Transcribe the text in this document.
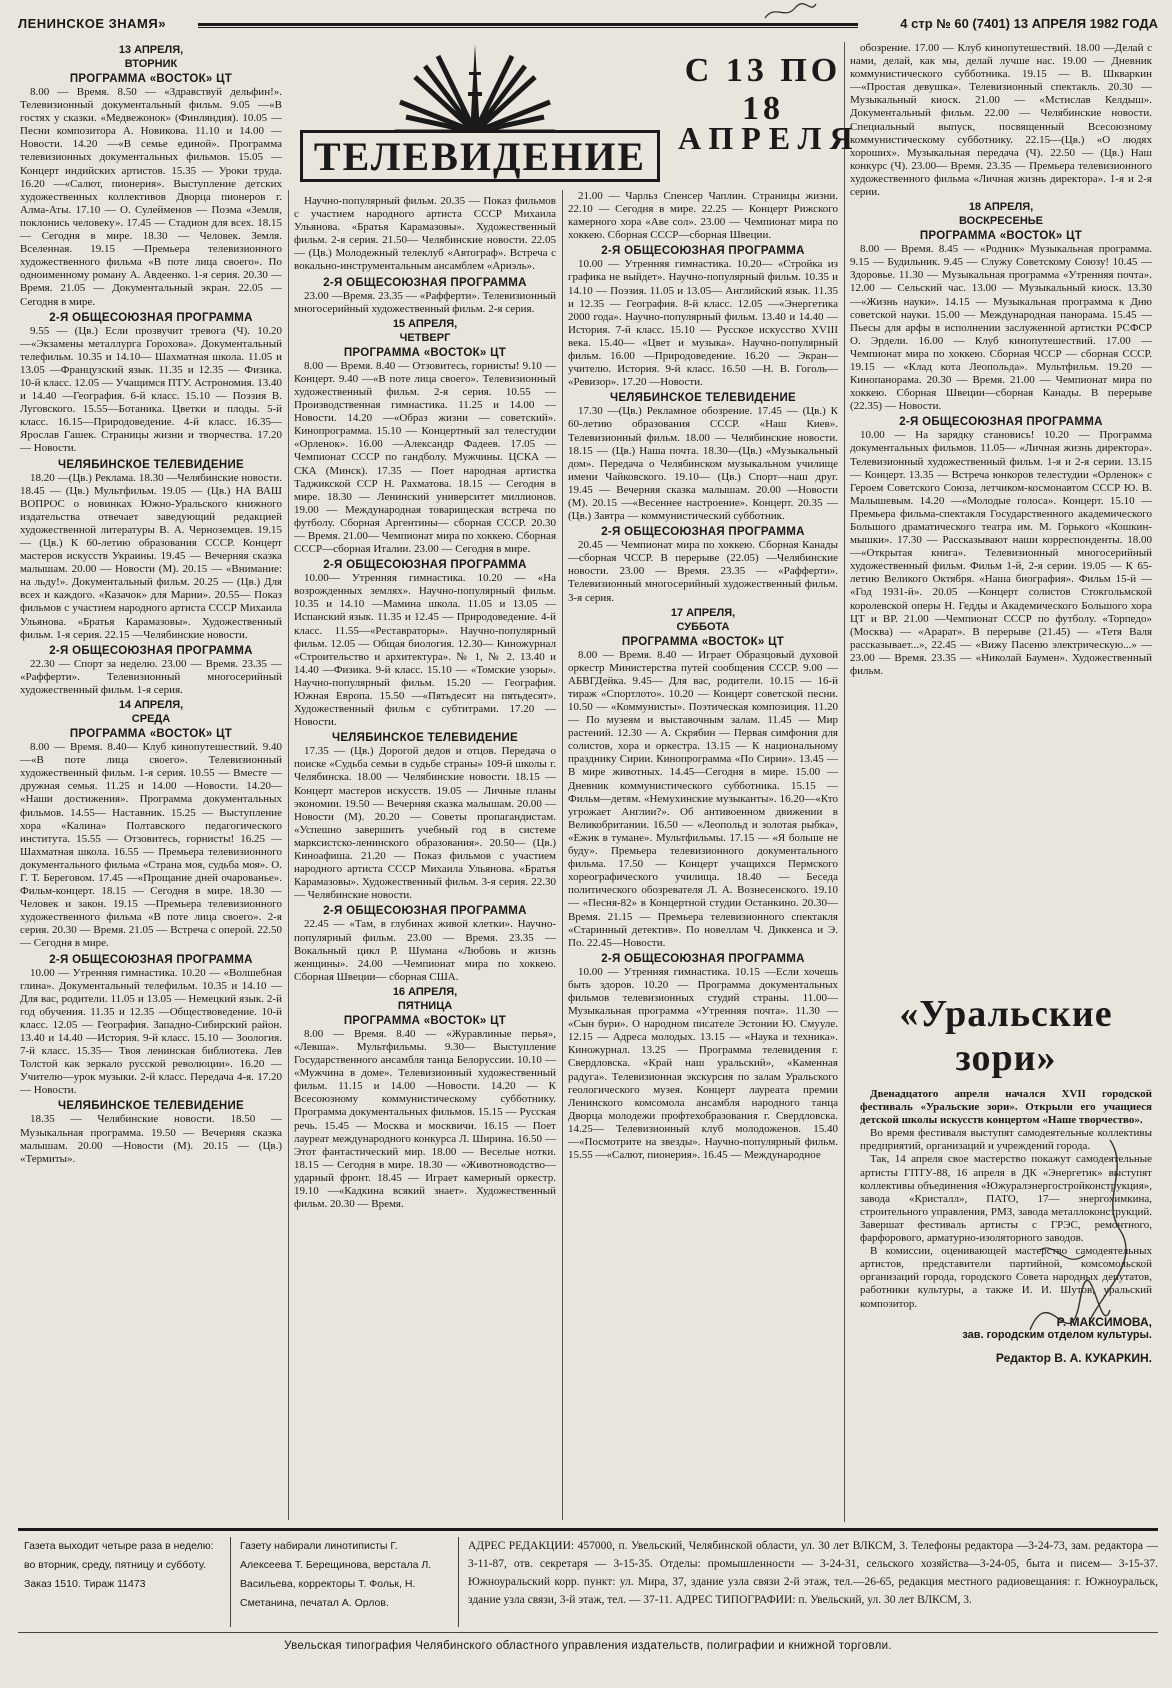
ЛЕНИНСКОЕ ЗНАМЯ»	4 стр № 60 (7401) 13 АПРЕЛЯ 1982 ГОДА
13 АПРЕЛЯ,
ВТОРНИК
ПРОГРАММА «ВОСТОК» ЦТ

8.00 — Время. 8.50 — «Здравствуй дельфин!». Телевизионный документальный фильм. 9.05 —«В гостях у сказки. «Медвежонок» (Финляндия). 10.05 — Песни композитора А. Новикова. 11.10 и 14.00 — Новости. 14.20 —«В семье единой». Программа телевизионных документальных фильмов. 15.05 — Концерт индийских артистов. 15.35 — Уроки труда. 16.20 —«Салют, пионерия». Выступление детских художественных коллективов Дворца пионеров г. Алма-Аты. 17.10 — О. Сулейменов — Поэма «Земля, поклонись человеку». 17.45 — Стадион для всех. 18.15 — Сегодня в мире. 18.30 — Человек. Земля. Вселенная. 19.15 —Премьера телевизионного художественного фильма «В поте лица своего». По одноименному роману А. Авдеенко. 1-я серия. 20.30 — Время. 21.05 — Документальный экран. 22.05 —Сегодня в мире.

2-Я ОБЩЕСОЮЗНАЯ ПРОГРАММА

9.55 — (Цв.) Если прозвучит тревога (Ч). 10.20 —«Экзамены металлурга Горохова». Документальный телефильм. 10.35 и 14.10— Шахматная школа. 11.05 и 13.05 —Французский язык. 11.35 и 12.35 — Физика. 10-й класс. 12.05 — Учащимся ПТУ. Астрономия. 13.40 и 14.40 —География. 6-й класс. 15.10 — Поэзия В. Луговского. 15.55—Ботаника. Цветки и плоды. 5-й класс. 16.15—Природоведение. 4-й класс. 16.35—Ярослав Гашек. Страницы жизни и творчества. 17.20 — Новости.

ЧЕЛЯБИНСКОЕ ТЕЛЕВИДЕНИЕ

18.20 —(Цв.) Реклама. 18.30 —Челябинские новости. 18.45 — (Цв.) Мультфильм. 19.05 — (Цв.) НА ВАШ ВОПРОС о новинках Южно-Уральского книжного издательства отвечает заведующий редакцией художественной литературы В. А. Черноземцев. 19.15 — (Цв.) К 60-летию образования СССР. Концерт мастеров искусств Украины. 19.45 — Вечерняя сказка малышам. 20.00 — Новости (М). 20.15 — «Внимание: на льду!». Документальный фильм. 20.25 — (Цв.) Для всех и каждого. «Казачок» для Марии». 20.55— Показ фильмов с участием народного артиста СССР Михаила Ульянова. «Братья Карамазовы». Художественный фильм. 1-я серия. 22.15 —Челябинские новости.

2-Я ОБЩЕСОЮЗНАЯ ПРОГРАММА

22.30 — Спорт за неделю. 23.00 — Время. 23.35 — «Рафферти». Телевизионный многосерийный художественный фильм. 1-я серия.

14 АПРЕЛЯ,
СРЕДА
ПРОГРАММА «ВОСТОК» ЦТ

8.00 — Время. 8.40— Клуб кинопутешествий. 9.40 —«В поте лица своего». Телевизионный художественный фильм. 1-я серия. 10.55 — Вместе — дружная семья. 11.25 и 14.00 —Новости. 14.20— «Наши достижения». Программа документальных фильмов. 14.55— Наставник. 15.25 — Выступление хора «Калина» Полтавского педагогического института. 15.55 — Отзовитесь, горнисты! 16.25 — Шахматная школа. 16.55 — Премьера телевизионного документального фильма «Страна моя, судьба моя». О. Г. Т. Береговом. 17.45 —«Прощание дней очарованье». Фильм-концерт. 18.15 — Сегодня в мире. 18.30 — Человек и закон. 19.15 —Премьера телевизионного художественного фильма «В поте лица своего». 2-я серия. 20.30 — Время. 21.05 — Встреча с оперой. 22.50 — Сегодня в мире.

2-Я ОБЩЕСОЮЗНАЯ ПРОГРАММА

10.00 — Утренняя гимнастика. 10.20 — «Волшебная глина». Документальный телефильм. 10.35 и 14.10 —Для вас, родители. 11.05 и 13.05 — Немецкий язык. 2-й год обучения. 11.35 и 12.35 —Обществоведение. 10-й класс. 12.05 — География. Западно-Сибирский район. 13.40 и 14.40 —История. 9-й класс. 15.10 — Зоология. 7-й класс. 15.35— Твоя ленинская библиотека. Лев Толстой как зеркало русской революции». 16.20 — Учителю—урок музыки. 2-й класс. Передача 4-я. 17.20 — Новости.

ЧЕЛЯБИНСКОЕ ТЕЛЕВИДЕНИЕ

18.35 — Челябинские новости. 18.50 — Музыкальная программа. 19.50 — Вечерняя сказка малышам. 20.00 —Новости (М). 20.15 — (Цв.) «Термиты».

ТЕЛЕВИДЕНИЕ
С 13 ПО 18
АПРЕЛЯ

Научно-популярный фильм. 20.35 — Показ фильмов с участием народного артиста СССР Михаила Ульянова. «Братья Карамазовы». Художественный фильм. 2-я серия. 21.50— Челябинские новости. 22.05 — (Цв.) Молодежный телеклуб «Автограф». Встреча с вокально-инструментальным ансамблем «Ариэль».

2-Я ОБЩЕСОЮЗНАЯ ПРОГРАММА

23.00 —Время. 23.35 — «Рафферти». Телевизионный многосерийный художественный фильм. 2-я серия.

15 АПРЕЛЯ,
ЧЕТВЕРГ
ПРОГРАММА «ВОСТОК» ЦТ

8.00 — Время. 8.40 — Отзовитесь, горнисты! 9.10 — Концерт. 9.40 —«В поте лица своего». Телевизионный художественный фильм. 2-я серия. 10.55 — Производственная гимнастика. 11.25 и 14.00 — Новости. 14.20 —«Образ жизни — советский». Кинопрограмма. 15.10 — Концертный зал телестудии «Орленок». 16.00 —Александр Фадеев. 17.05 — Чемпионат СССР по гандболу. Мужчины. ЦСКА — СКА (Минск). 17.35 — Поет народная артистка Таджикской ССР Н. Рахматова. 18.15 — Сегодня в мире. 18.30 — Ленинский университет миллионов. 19.00 — Международная товарищеская встреча по футболу. Сборная Аргентины— сборная СССР. 20.30 — Время. 21.00— Чемпионат мира по хоккею. Сборная СССР—сборная Италии. 23.00 — Сегодня в мире.

2-Я ОБЩЕСОЮЗНАЯ ПРОГРАММА

10.00— Утренняя гимнастика. 10.20 — «На возрожденных землях». Научно-популярный фильм. 10.35 и 14.10 —Мамина школа. 11.05 и 13.05 —Испанский язык. 11.35 и 12.45 — Природоведение. 4-й класс. 11.55—«Реставраторы». Научно-популярный фильм. 12.05 — Общая биология. 12.30— Киножурнал «Строительство и архитектура». № 1, № 2. 13.40 и 14.40 —Физика. 9-й класс. 15.10 — «Томские узоры». Научно-популярный фильм. 15.20 — География. Южная Европа. 15.50 —«Пятьдесят на пятьдесят». Художественный фильм с субтитрами. 17.20 — Новости.

ЧЕЛЯБИНСКОЕ ТЕЛЕВИДЕНИЕ

17.35 — (Цв.) Дорогой дедов и отцов. Передача о поиске «Судьба семьи в судьбе страны» 109-й школы г. Челябинска. 18.00 — Челябинские новости. 18.15 — Концерт мастеров искусств. 19.05 — Личные планы экономии. 19.50 — Вечерняя сказка малышам. 20.00 — Новости (М). 20.20 — Советы пропагандистам. «Успешно завершить учебный год в системе марксистско-ленинского образования». 20.50— (Цв.) Киноафиша. 21.20 — Показ фильмов с участием народного артиста СССР Михаила Ульянова. «Братья Карамазовы». Художественный фильм. 3-я серия. 22.30 — Челябинские новости.

2-Я ОБЩЕСОЮЗНАЯ ПРОГРАММА

22.45 — «Там, в глубинах живой клетки». Научно-популярный фильм. 23.00 — Время. 23.35 — Вокальный цикл Р. Шумана «Любовь и жизнь женщины». 24.00 —Чемпионат мира по хоккею. Сборная Швеции— сборная США.

16 АПРЕЛЯ,
ПЯТНИЦА
ПРОГРАММА «ВОСТОК» ЦТ

8.00 — Время. 8.40 — «Журавлиные перья», «Левша». Мультфильмы. 9.30— Выступление Государственного ансамбля танца Белоруссии. 10.10 — «Мужчина в доме». Телевизионный художественный фильм. 11.15 и 14.00 —Новости. 14.20 — К Всесоюзному коммунистическому субботнику. Программа документальных фильмов. 15.15 — Русская речь. 15.45 — Москва и москвичи. 16.15 — Поет лауреат международного конкурса Л. Ширина. 16.50 — Этот фантастический мир. 18.00 — Веселые нотки. 18.15 — Сегодня в мире. 18.30 — «Животноводство— ударный фронт. 18.45 — Играет камерный оркестр. 19.10 —«Кадкина всякий знает». Художественный фильм. 20.30 — Время.

21.00 — Чарльз Спенсер Чаплин. Страницы жизни. 22.10 — Сегодня в мире. 22.25 — Концерт Рижского камерного хора «Аве сол». 23.00 — Чемпионат мира по хоккею. Сборная СССР—сборная Швеции.

2-Я ОБЩЕСОЮЗНАЯ ПРОГРАММА

10.00 — Утренняя гимнастика. 10.20— «Стройка из графика не выйдет». Научно-популярный фильм. 10.35 и 14.10 — Поэзия. 11.05 и 13.05— Английский язык. 11.35 и 12.35 — География. 8-й класс. 12.05 —«Энергетика 2000 года». Научно-популярный фильм. 13.40 и 14.40 — История. 7-й класс. 15.10 — Русское искусство XVIII века. 15.40— «Цвет и музыка». Научно-популярный фильм. 16.00 —Природоведение. 16.20 — Экран—учителю. История. 9-й класс. 16.50 —Н. В. Гоголь— «Ревизор». 17.20 —Новости.

ЧЕЛЯБИНСКОЕ ТЕЛЕВИДЕНИЕ

17.30 —(Цв.) Рекламное обозрение. 17.45 — (Цв.) К 60-летию образования СССР. «Наш Киев». Телевизионный фильм. 18.00 — Челябинские новости. 18.15 — (Цв.) Наша почта. 18.30—(Цв.) «Музыкальный дом». Передача о Челябинском музыкальном училище имени Чайковского. 19.10— (Цв.) Спорт—наш друг. 19.45 — Вечерняя сказка малышам. 20.00 —Новости (М). 20.15 —«Весеннее настроение». Концерт. 20.35 — (Цв.) Завтра — коммунистический субботник.

2-Я ОБЩЕСОЮЗНАЯ ПРОГРАММА

20.45 — Чемпионат мира по хоккею. Сборная Канады—сборная ЧССР. В перерыве (22.05) —Челябинские новости. 23.00 — Время. 23.35 — «Рафферти». Телевизионный многосерийный художественный фильм. 3-я серия.

17 АПРЕЛЯ,
СУББОТА
ПРОГРАММА «ВОСТОК» ЦТ

8.00 — Время. 8.40 — Играет Образцовый духовой оркестр Министерства путей сообщения СССР. 9.00 — АБВГДейка. 9.45— Для вас, родители. 10.15 — 16-й тираж «Спортлото». 10.20 — Концерт советской песни. 10.50 — «Коммунисты». Поэтическая композиция. 11.20 — По музеям и выставочным залам. 11.45 — Мир растений. 12.30 — А. Скрябин — Первая симфония для солистов, хора и оркестра. 13.15 — К национальному празднику Сирии. Кинопрограмма «По Сирии». 13.45 — В мире животных. 14.45—Сегодня в мире. 15.00 — Дневник коммунистического субботника. 15.15 — Фильм—детям. «Немухинские музыканты». 16.20—«Кто угрожает Англии?». Об антивоенном движении в Великобритании. 16.50 — «Леопольд и золотая рыбка», «Ежик в тумане». Мультфильмы. 17.15 — «Я больше не буду». Премьера телевизионного документального фильма. 17.50 — Концерт учащихся Пермского хореографического училища. 18.40 — Беседа политического обозревателя Л. А. Вознесенского. 19.10 — «Песня-82» в Концертной студии Останкино. 20.30—Время. 21.15 — Премьера телевизионного спектакля «Старинный детектив». По новеллам Ч. Диккенса и Э. По. 22.45—Новости.

2-Я ОБЩЕСОЮЗНАЯ ПРОГРАММА

10.00 — Утренняя гимнастика. 10.15 —Если хочешь быть здоров. 10.20 — Программа документальных фильмов телевизионных студий страны. 11.00— Музыкальная программа «Утренняя почта». 11.30 — «Сын бури». О народном писателе Эстонии Ю. Смууле. 12.15 — Адреса молодых. 13.15 — «Наука и техника». Киножурнал. 13.25 — Программа телевидения г. Свердловска. «Край наш уральский», «Каменная радуга». Телевизионная экскурсия по залам Уральского геологического музея. Концерт лауреата премии Ленинского комсомола ансамбля народного танца Дворца молодежи профтехобразования г. Свердловска. 14.25— Телевизионный клуб молодоженов. 15.40 —«Посмотрите на звезды». Научно-популярный фильм. 15.55 —«Салют, пионерия». 16.45 — Международное

обозрение. 17.00 — Клуб кинопутешествий. 18.00 —Делай с нами, делай, как мы, делай лучше нас. 19.00 — Дневник коммунистического субботника. 19.15 — В. Шкваркин—«Простая девушка». Телевизионный спектакль. 20.30 — Музыкальный киоск. 21.00 — «Мстислав Келдыш». Документальный фильм. 22.00 — Челябинские новости. Специальный выпуск, посвященный Всесоюзному коммунистическому субботнику. 22.15—(Цв.) «О людях хороших». Музыкальная передача (Ч). 22.50 — (Цв.) Наш конкурс (Ч). 23.00— Время. 23.35 — Премьера телевизионного художественного фильма «Личная жизнь директора». 1-я и 2-я серии.

18 АПРЕЛЯ,
ВОСКРЕСЕНЬЕ
ПРОГРАММА «ВОСТОК» ЦТ

8.00 — Время. 8.45 — «Родник» Музыкальная программа. 9.15 — Будильник. 9.45 — Служу Советскому Союзу! 10.45 — Здоровье. 11.30 — Музыкальная программа «Утренняя почта». 12.00 — Сельский час. 13.00 — Музыкальный киоск. 13.30 —«Жизнь науки». 14.15 — Музыкальная программа к Дню советской науки. 15.00 — Международная панорама. 15.45 —Пьесы для арфы в исполнении заслуженной артистки РСФСР О. Эрдели. 16.00 — Клуб кинопутешествий. 17.00 — Чемпионат мира по хоккею. Сборная ЧССР — сборная СССР. 19.15 — «Клад кота Леопольда». Мультфильм. 19.20 —Кинопанорама. 20.30 — Время. 21.00 — Чемпионат мира по хоккею. Сборная Швеции—сборная Канады. В перерыве (22.35) — Новости.

2-Я ОБЩЕСОЮЗНАЯ ПРОГРАММА

10.00 — На зарядку становись! 10.20 — Программа документальных фильмов. 11.05— «Личная жизнь директора». Телевизионный художественный фильм. 1-я и 2-я серии. 13.15 — Концерт. 13.35 — Встреча юнкоров телестудии «Орленок» с Героем Советского Союза, летчиком-космонавтом СССР Ю. В. Малышевым. 14.20 —«Молодые голоса». Концерт. 15.10 — Премьера фильма-спектакля Государственного академического Большого драматического театра им. М. Горького «Кошкин-мышки». 17.30 — Рассказывают наши корреспонденты. 18.00—«Открытая книга». Телевизионный многосерийный художественный фильм. Фильм 1-й, 2-я серии. 19.05 — К 65-летию Великого Октября. «Наша биография». Фильм 15-й — «Год 1931-й». 20.05 —Концерт солистов Стокгольмской королевской оперы Н. Гедды и Академического Большого хора ЦТ и ВР. 21.00 —Чемпионат СССР по футболу. «Торпедо» (Москва) — «Арарат». В перерыве (21.45) — «Тетя Валя рассказывает...», 22.45 — «Вижу Пасеню электрическую...» — 23.00 — Время. 23.35 — «Николай Баумен». Художественный фильм.

«Уральские
зори»

Двенадцатого апреля начался XVII городской фестиваль «Уральские зори». Открыли его учащиеся детской школы искусств концертом «Наше творчество».

Во время фестиваля выступят самодеятельные коллективы предприятий, организаций и учреждений города.

Так, 14 апреля свое мастерство покажут самодеятельные артисты ГПТУ-88, 16 апреля в ДК «Энергетик» выступят коллективы объединения «Южуралэнергостройконструкция», завода «Кристалл», ПАТО, 17— энергохимкина, строительного управления, РМЗ, завода металлоконструкций. Завершат фестиваль артисты с ГРЭС, ремонтного, фарфорового, арматурно-изоляторного заводов.

В комиссии, оценивающей мастерство самодеятельных артистов, представители партийной, комсомольской организаций города, городского Совета народных депутатов, работники культуры, а также И. И. Шутов, уральский композитор.

Р. МАКСИМОВА,
зав. городским отделом культуры.
Редактор В. А. КУКАРКИН.
Газета выходит четыре раза в неделю: во вторник, среду, пятницу и субботу. Заказ 1510. Тираж 11473
Газету набирали линотиписты Г. Алексеева Т. Берещинова, верстала Л. Васильева, корректоры Т. Фольк, Н. Сметанина, печатал А. Орлов.
АДРЕС РЕДАКЦИИ: 457000, п. Увельский, Челябинской области, ул. 30 лет ВЛКСМ, 3. Телефоны редактора —3-24-73, зам. редактора — 3-11-87, отв. секретаря — 3-15-35. Отделы: промышленности — 3-24-31, сельского хозяйства—3-24-05, быта и писем— 3-15-37. Южноуральский корр. пункт: ул. Мира, 37, здание узла связи 2-й этаж, тел.—26-65, редакция местного радиовещания: г. Южноуральск, здание узла связи, 3-й этаж, тел. — 37-11. АДРЕС ТИПОГРАФИИ: п. Увельский, ул. 30 лет ВЛКСМ, 3.
Увельская типография Челябинского областного управления издательств, полиграфии и книжной торговли.
